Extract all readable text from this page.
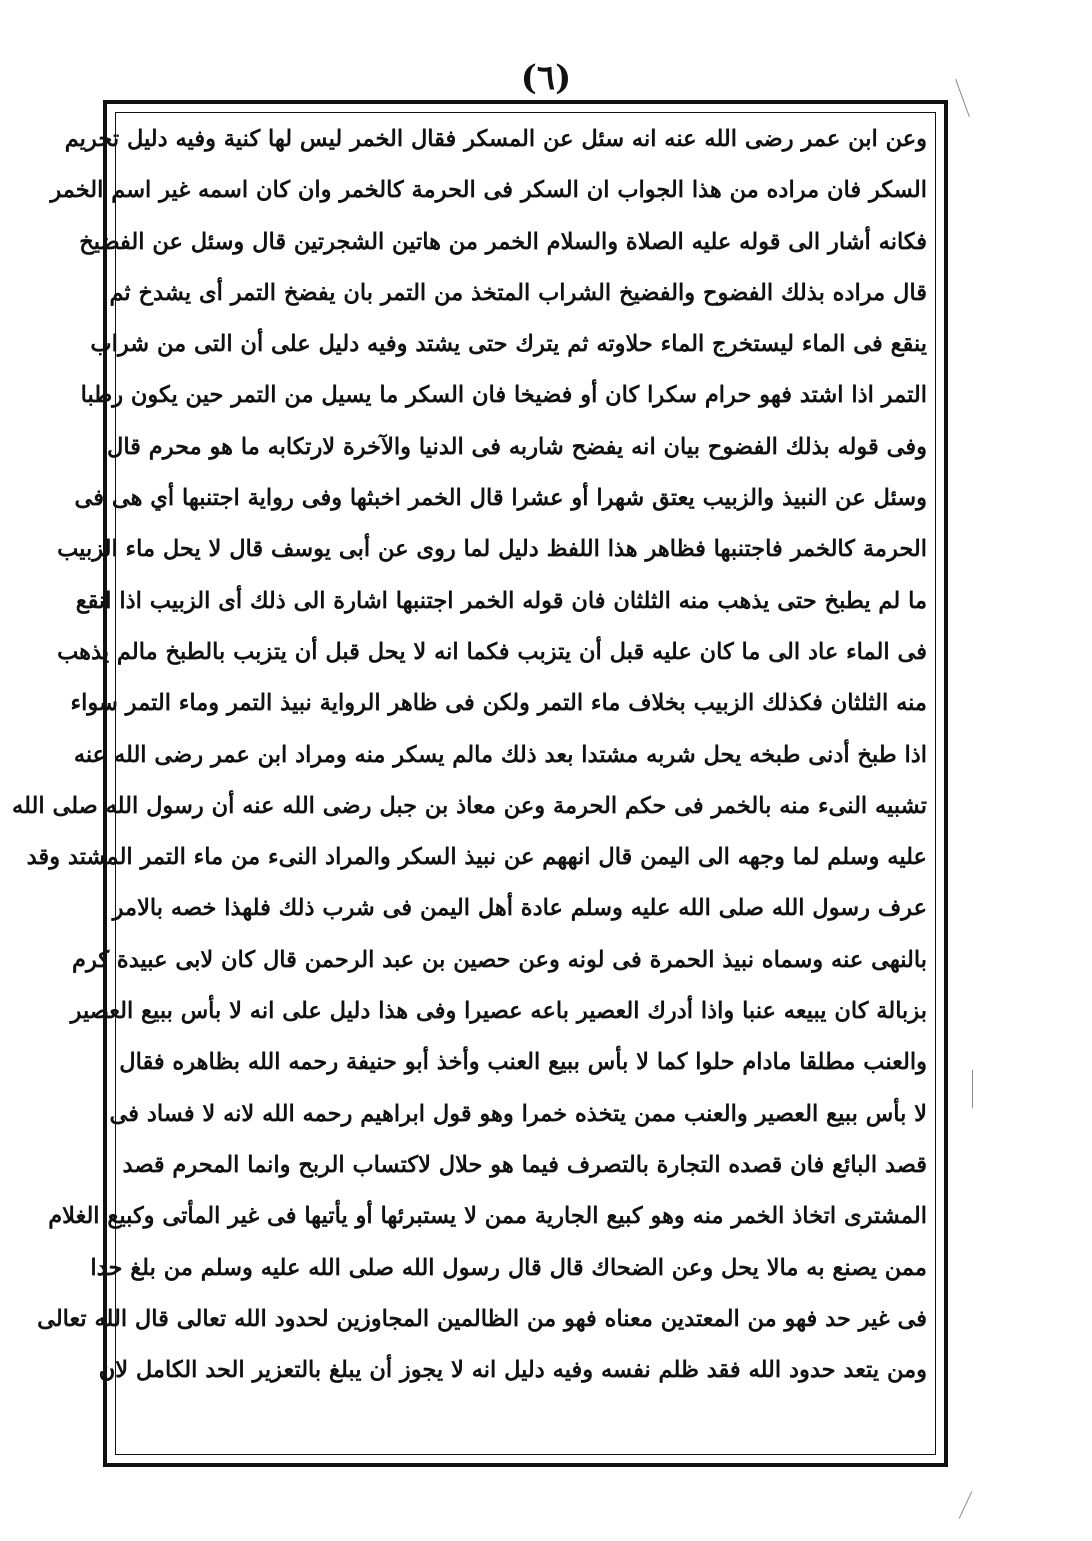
(٦)
وعن ابن عمر رضى الله عنه انه سئل عن المسكر فقال الخمر ليس لها كنية وفيه دليل تحريم
السكر فان مراده من هذا الجواب ان السكر فى الحرمة كالخمر وان كان اسمه غير اسم الخمر
فكانه أشار الى قوله عليه الصلاة والسلام الخمر من هاتين الشجرتين قال وسئل عن الفضيخ
قال مراده بذلك الفضوح والفضيخ الشراب المتخذ من التمر بان يفضخ التمر أى يشدخ ثم
ينقع فى الماء ليستخرج الماء حلاوته ثم يترك حتى يشتد وفيه دليل على أن التى من شراب
التمر اذا اشتد فهو حرام سكرا كان أو فضيخا فان السكر ما يسيل من التمر حين يكون رطبا
وفى قوله بذلك الفضوح بيان انه يفضح شاربه فى الدنيا والآخرة لارتكابه ما هو محرم قال
وسئل عن النبيذ والزبيب يعتق شهرا أو عشرا قال الخمر اخبثها وفى رواية اجتنبها أي هى فى
الحرمة كالخمر فاجتنبها فظاهر هذا اللفظ دليل لما روى عن أبى يوسف قال لا يحل ماء الزبيب
ما لم يطبخ حتى يذهب منه الثلثان فان قوله الخمر اجتنبها اشارة الى ذلك أى الزبيب اذا انقع
فى الماء عاد الى ما كان عليه قبل أن يتزبب فكما انه لا يحل قبل أن يتزبب بالطبخ مالم يذهب
منه الثلثان فكذلك الزبيب بخلاف ماء التمر ولكن فى ظاهر الرواية نبيذ التمر وماء التمر سواء
اذا طبخ أدنى طبخه يحل شربه مشتدا بعد ذلك مالم يسكر منه ومراد ابن عمر رضى الله عنه
تشبيه النىء منه بالخمر فى حكم الحرمة وعن معاذ بن جبل رضى الله عنه أن رسول الله صلى الله
عليه وسلم لما وجهه الى اليمن قال انههم عن نبيذ السكر والمراد النىء من ماء التمر المشتد وقد
عرف رسول الله صلى الله عليه وسلم عادة أهل اليمن فى شرب ذلك فلهذا خصه بالامر
بالنهى عنه وسماه نبيذ الحمرة فى لونه وعن حصين بن عبد الرحمن قال كان لابى عبيدة كرم
بزبالة كان يبيعه عنبا واذا أدرك العصير باعه عصيرا وفى هذا دليل على انه لا بأس ببيع العصير
والعنب مطلقا مادام حلوا كما لا بأس ببيع العنب وأخذ أبو حنيفة رحمه الله بظاهره فقال
لا بأس ببيع العصير والعنب ممن يتخذه خمرا وهو قول ابراهيم رحمه الله لانه لا فساد فى
قصد البائع فان قصده التجارة بالتصرف فيما هو حلال لاكتساب الربح وانما المحرم قصد
المشترى اتخاذ الخمر منه وهو كبيع الجارية ممن لا يستبرئها أو يأتيها فى غير المأتى وكبيع الغلام
ممن يصنع به مالا يحل وعن الضحاك قال قال رسول الله صلى الله عليه وسلم من بلغ حدا
فى غير حد فهو من المعتدين معناه فهو من الظالمين المجاوزين لحدود الله تعالى قال الله تعالى
ومن يتعد حدود الله فقد ظلم نفسه وفيه دليل انه لا يجوز أن يبلغ بالتعزير الحد الكامل لان
